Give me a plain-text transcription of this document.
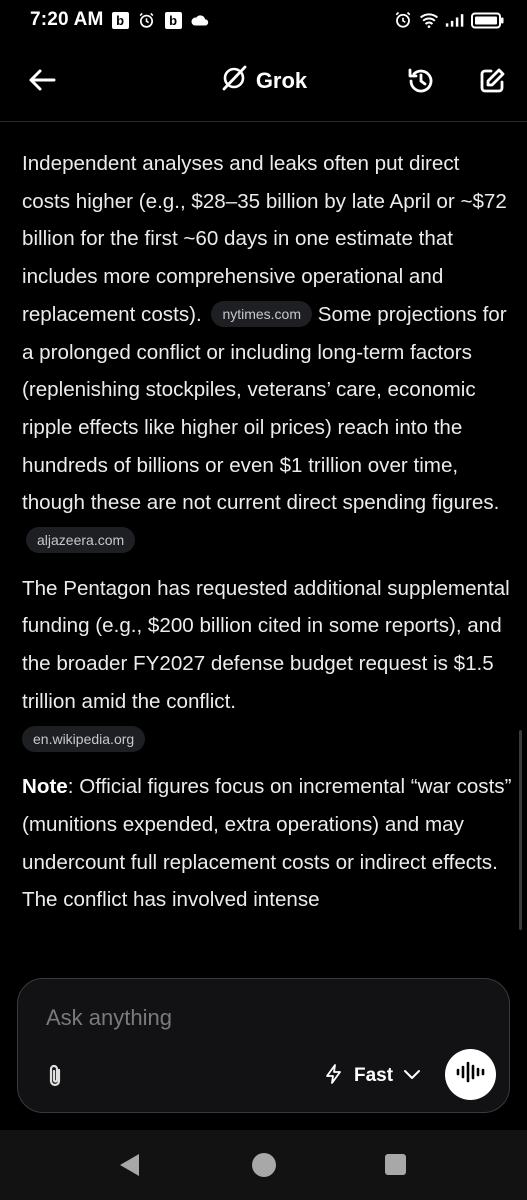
7:20 AM b	b
Grok
Independent analyses and leaks often put direct costs higher (e.g., $28–35 billion by late April or ~$72 billion for the first ~60 days in one estimate that includes more comprehensive operational and replacement costs). nytimes.com Some projections for a prolonged conflict or including long-term factors (replenishing stockpiles, veterans’ care, economic ripple effects like higher oil prices) reach into the hundreds of billions or even $1 trillion over time, though these are not current direct spending figures. aljazeera.com
The Pentagon has requested additional supplemental funding (e.g., $200 billion cited in some reports), and the broader FY2027 defense budget request is $1.5 trillion amid the conflict.
en.wikipedia.org
Note: Official figures focus on incremental “war costs” (munitions expended, extra operations) and may undercount full replacement costs or indirect effects. The conflict has involved intense
Ask anything
Fast
